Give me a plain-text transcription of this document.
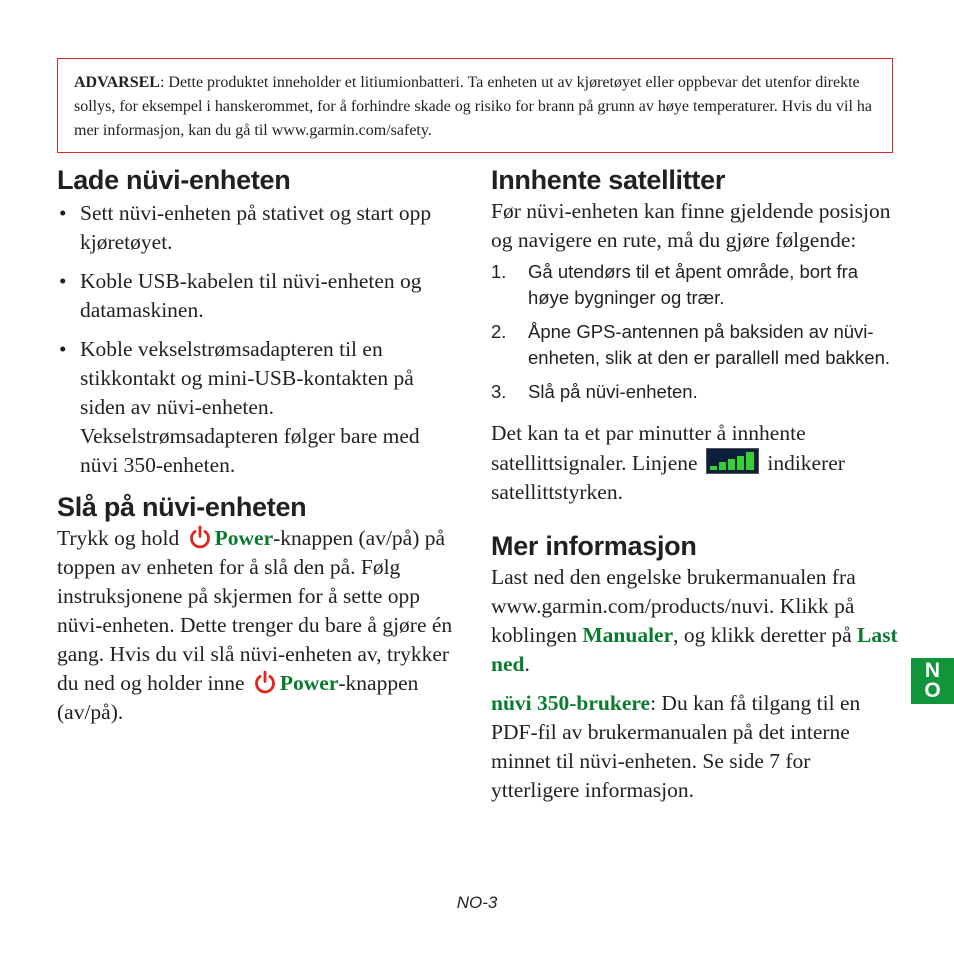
ADVARSEL: Dette produktet inneholder et litiumionbatteri. Ta enheten ut av kjøretøyet eller oppbevar det utenfor direkte sollys, for eksempel i hanskerommet, for å forhindre skade og risiko for brann på grunn av høye temperaturer. Hvis du vil ha mer informasjon, kan du gå til www.garmin.com/safety.
Lade nüvi-enheten
• Sett nüvi-enheten på stativet og start opp kjøretøyet.
• Koble USB-kabelen til nüvi-enheten og datamaskinen.
• Koble vekselstrømsadapteren til en stikkontakt og mini-USB-kontakten på siden av nüvi-enheten. Vekselstrømsadapteren følger bare med nüvi 350-enheten.
Slå på nüvi-enheten

Trykk og hold Power-knappen (av/på) på toppen av enheten for å slå den på. Følg instruksjonene på skjermen for å sette opp nüvi-enheten. Dette trenger du bare å gjøre én gang. Hvis du vil slå nüvi-enheten av, trykker du ned og holder inne Power-knappen (av/på).

Innhente satellitter

Før nüvi-enheten kan finne gjeldende posisjon og navigere en rute, må du gjøre følgende:

1. Gå utendørs til et åpent område, bort fra høye bygninger og trær.
2. Åpne GPS-antennen på baksiden av nüvi-enheten, slik at den er parallell med bakken.
3. Slå på nüvi-enheten.

Det kan ta et par minutter å innhente satellittsignaler. Linjene	indikerer satellittstyrken.

Mer informasjon

Last ned den engelske brukermanualen fra www.garmin.com/products/nuvi. Klikk på koblingen Manualer, og klikk deretter på Last ned.

nüvi 350-brukere: Du kan få tilgang til en PDF-fil av brukermanualen på det interne minnet til nüvi-enheten. Se side 7 for ytterligere informasjon.

N
O
NO-3
